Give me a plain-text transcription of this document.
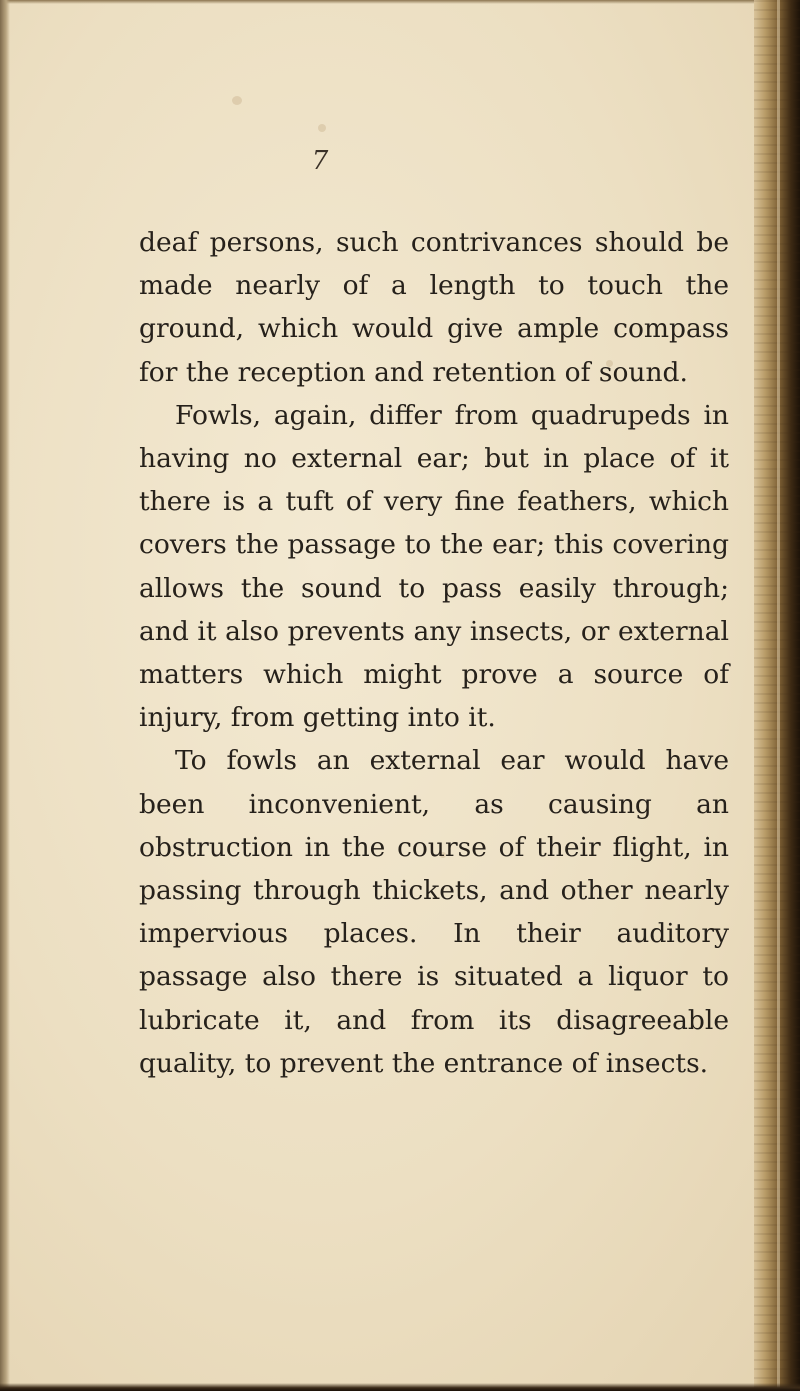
7

deaf persons, such contrivances should be made nearly of a length to touch the ground, which would give ample compass for the reception and retention of sound.

Fowls, again, differ from quadrupeds in having no external ear; but in place of it there is a tuft of very fine feathers, which covers the passage to the ear; this covering allows the sound to pass easily through; and it also prevents any insects, or external matters which might prove a source of injury, from getting into it.

To fowls an external ear would have been inconvenient, as causing an obstruction in the course of their flight, in passing through thickets, and other nearly impervious places. In their auditory passage also there is situated a liquor to lubricate it, and from its disagreeable quality, to prevent the entrance of insects.
